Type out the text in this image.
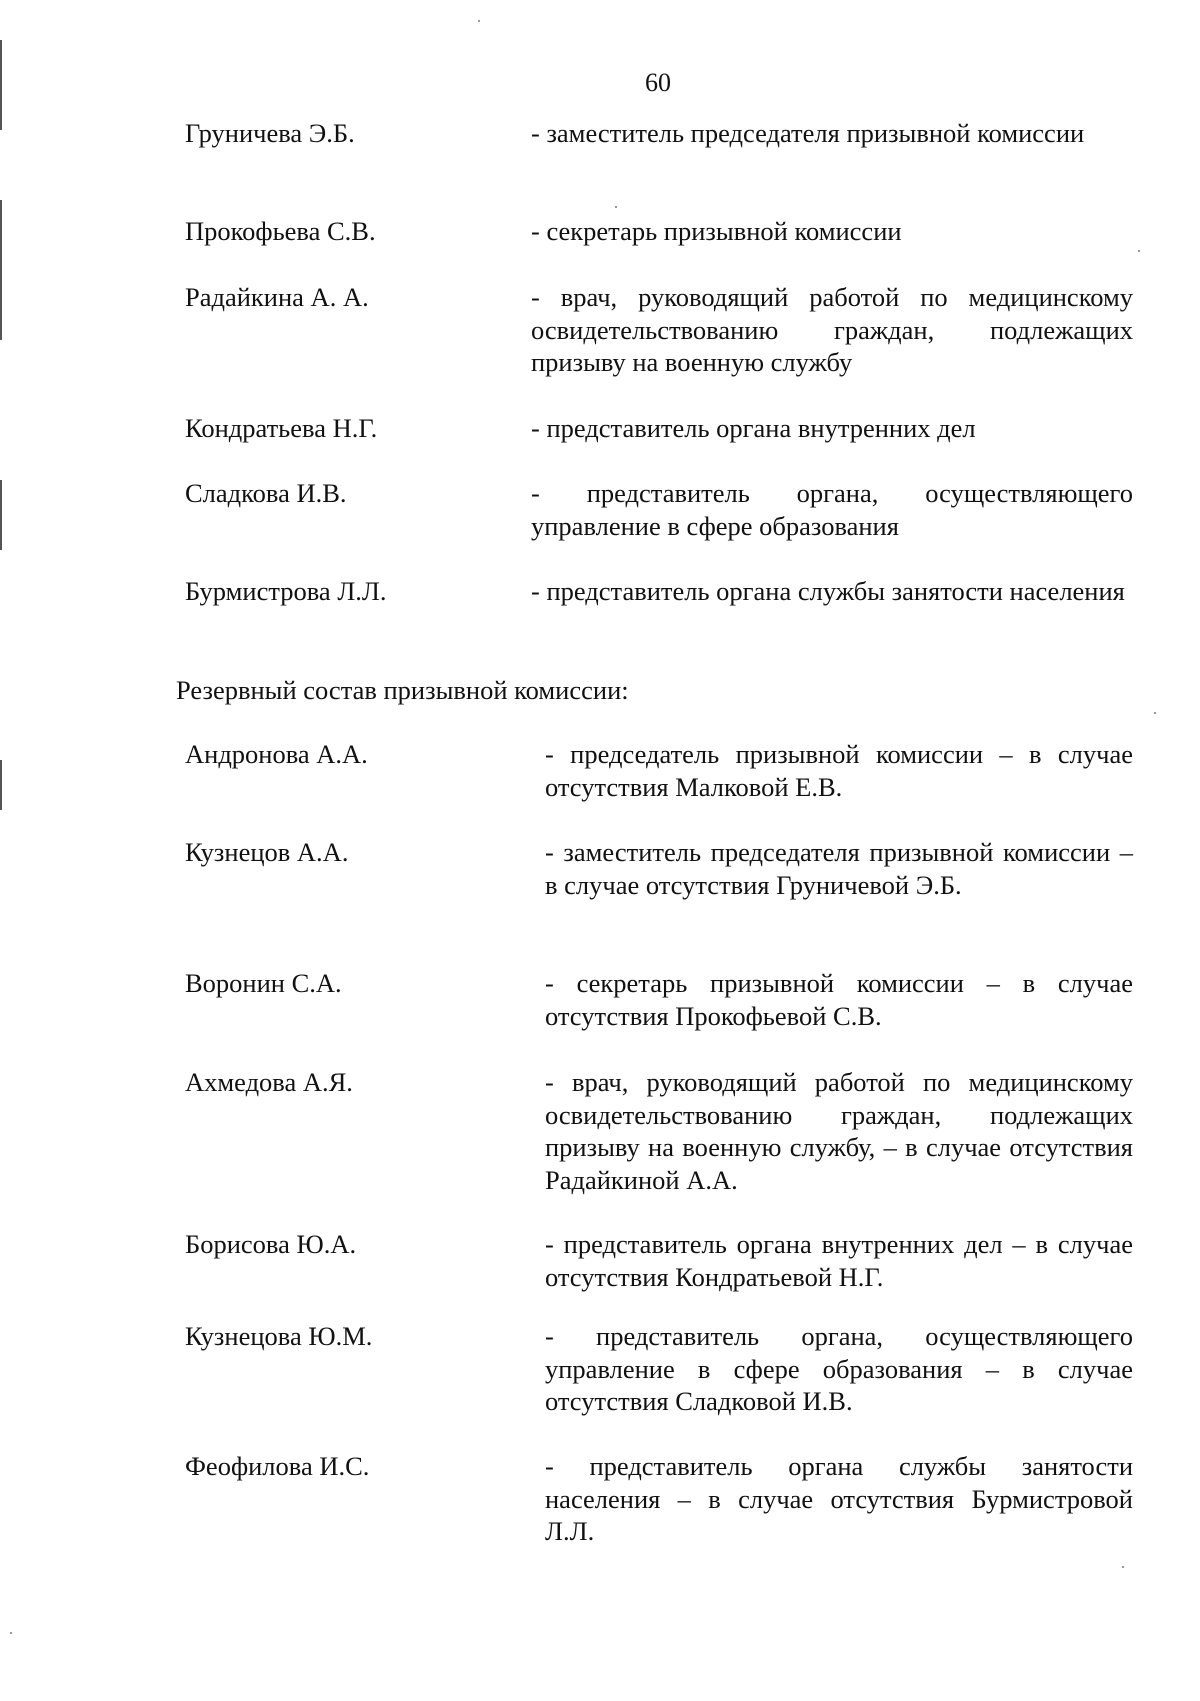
60
Груничева Э.Б.	- заместитель председателя призывной комиссии
Прокофьева С.В.	- секретарь призывной комиссии
Радайкина А. А.	- врач, руководящий работой по медицинскому освидетельствованию граждан, подлежащих призыву на военную службу
Кондратьева Н.Г.	- представитель органа внутренних дел
Сладкова И.В.	- представитель органа, осуществляющего управление в сфере образования
Бурмистрова Л.Л.	- представитель органа службы занятости населения
Резервный состав призывной комиссии:
Андронова А.А.	- председатель призывной комиссии – в случае отсутствия Малковой Е.В.
Кузнецов А.А.	- заместитель председателя призывной комиссии – в случае отсутствия Груничевой Э.Б.
Воронин С.А.	- секретарь призывной комиссии – в случае отсутствия Прокофьевой С.В.
Ахмедова А.Я.	- врач, руководящий работой по медицинскому освидетельствованию граждан, подлежащих призыву на военную службу, – в случае отсутствия Радайкиной А.А.
Борисова Ю.А.	- представитель органа внутренних дел – в случае отсутствия Кондратьевой Н.Г.
Кузнецова Ю.М.	- представитель органа, осуществляющего управление в сфере образования – в случае отсутствия Сладковой И.В.
Феофилова И.С.	- представитель органа службы занятости населения – в случае отсутствия Бурмистровой Л.Л.
